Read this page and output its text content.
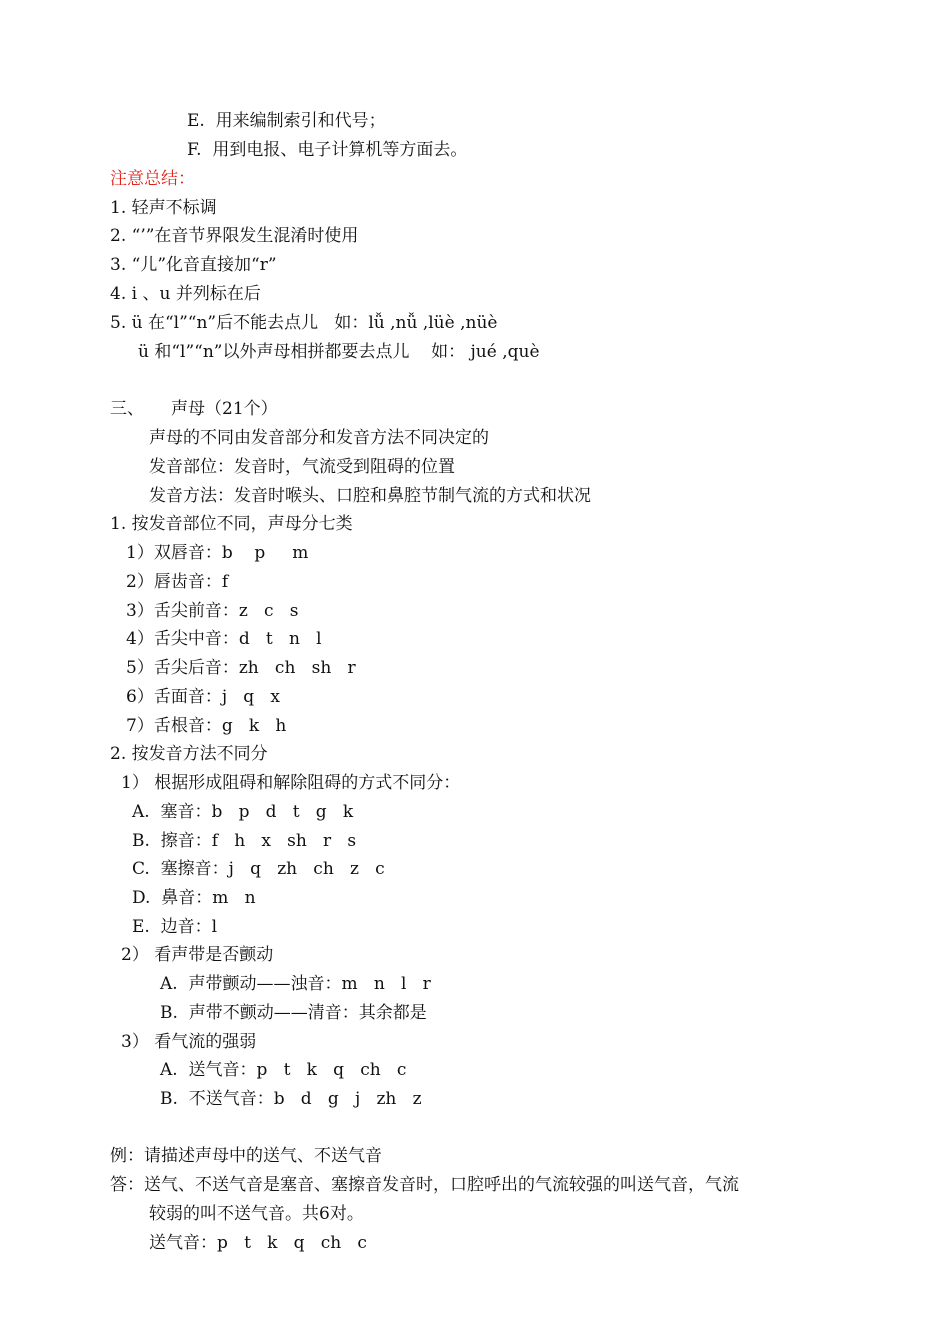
E.  用来编制索引和代号；
F.  用到电报、电子计算机等方面去。
注意总结：
1. 轻声不标调
2. “’”在音节界限发生混淆时使用
3. “儿”化音直接加“r”
4. i 、u 并列标在后
5. ü 在“l”“n”后不能去点儿   如：lǚ ,nǚ ,lüè ,nüè
ü 和“l”“n”以外声母相拼都要去点儿    如： jué ,què
三、     声母（21个）
声母的不同由发音部分和发音方法不同决定的
发音部位：发音时，气流受到阻碍的位置
发音方法：发音时喉头、口腔和鼻腔节制气流的方式和状况
1. 按发音部位不同，声母分七类
1）双唇音：b    p     m
2）唇齿音：f
3）舌尖前音：z   c   s
4）舌尖中音：d   t   n   l
5）舌尖后音：zh   ch   sh   r
6）舌面音：j   q   x
7）舌根音：g   k   h
2. 按发音方法不同分
1） 根据形成阻碍和解除阻碍的方式不同分：
A.  塞音：b   p   d   t   g   k
B.  擦音：f   h   x   sh   r   s
C.  塞擦音：j   q   zh   ch   z   c
D.  鼻音：m   n
E.  边音：l
2） 看声带是否颤动
A.  声带颤动——浊音：m   n   l   r
B.  声带不颤动——清音：其余都是
3） 看气流的强弱
A.  送气音：p   t   k   q   ch   c
B.  不送气音：b   d   g   j   zh   z
例：请描述声母中的送气、不送气音
答：送气、不送气音是塞音、塞擦音发音时，口腔呼出的气流较强的叫送气音，气流
较弱的叫不送气音。共6对。
送气音：p   t   k   q   ch   c
